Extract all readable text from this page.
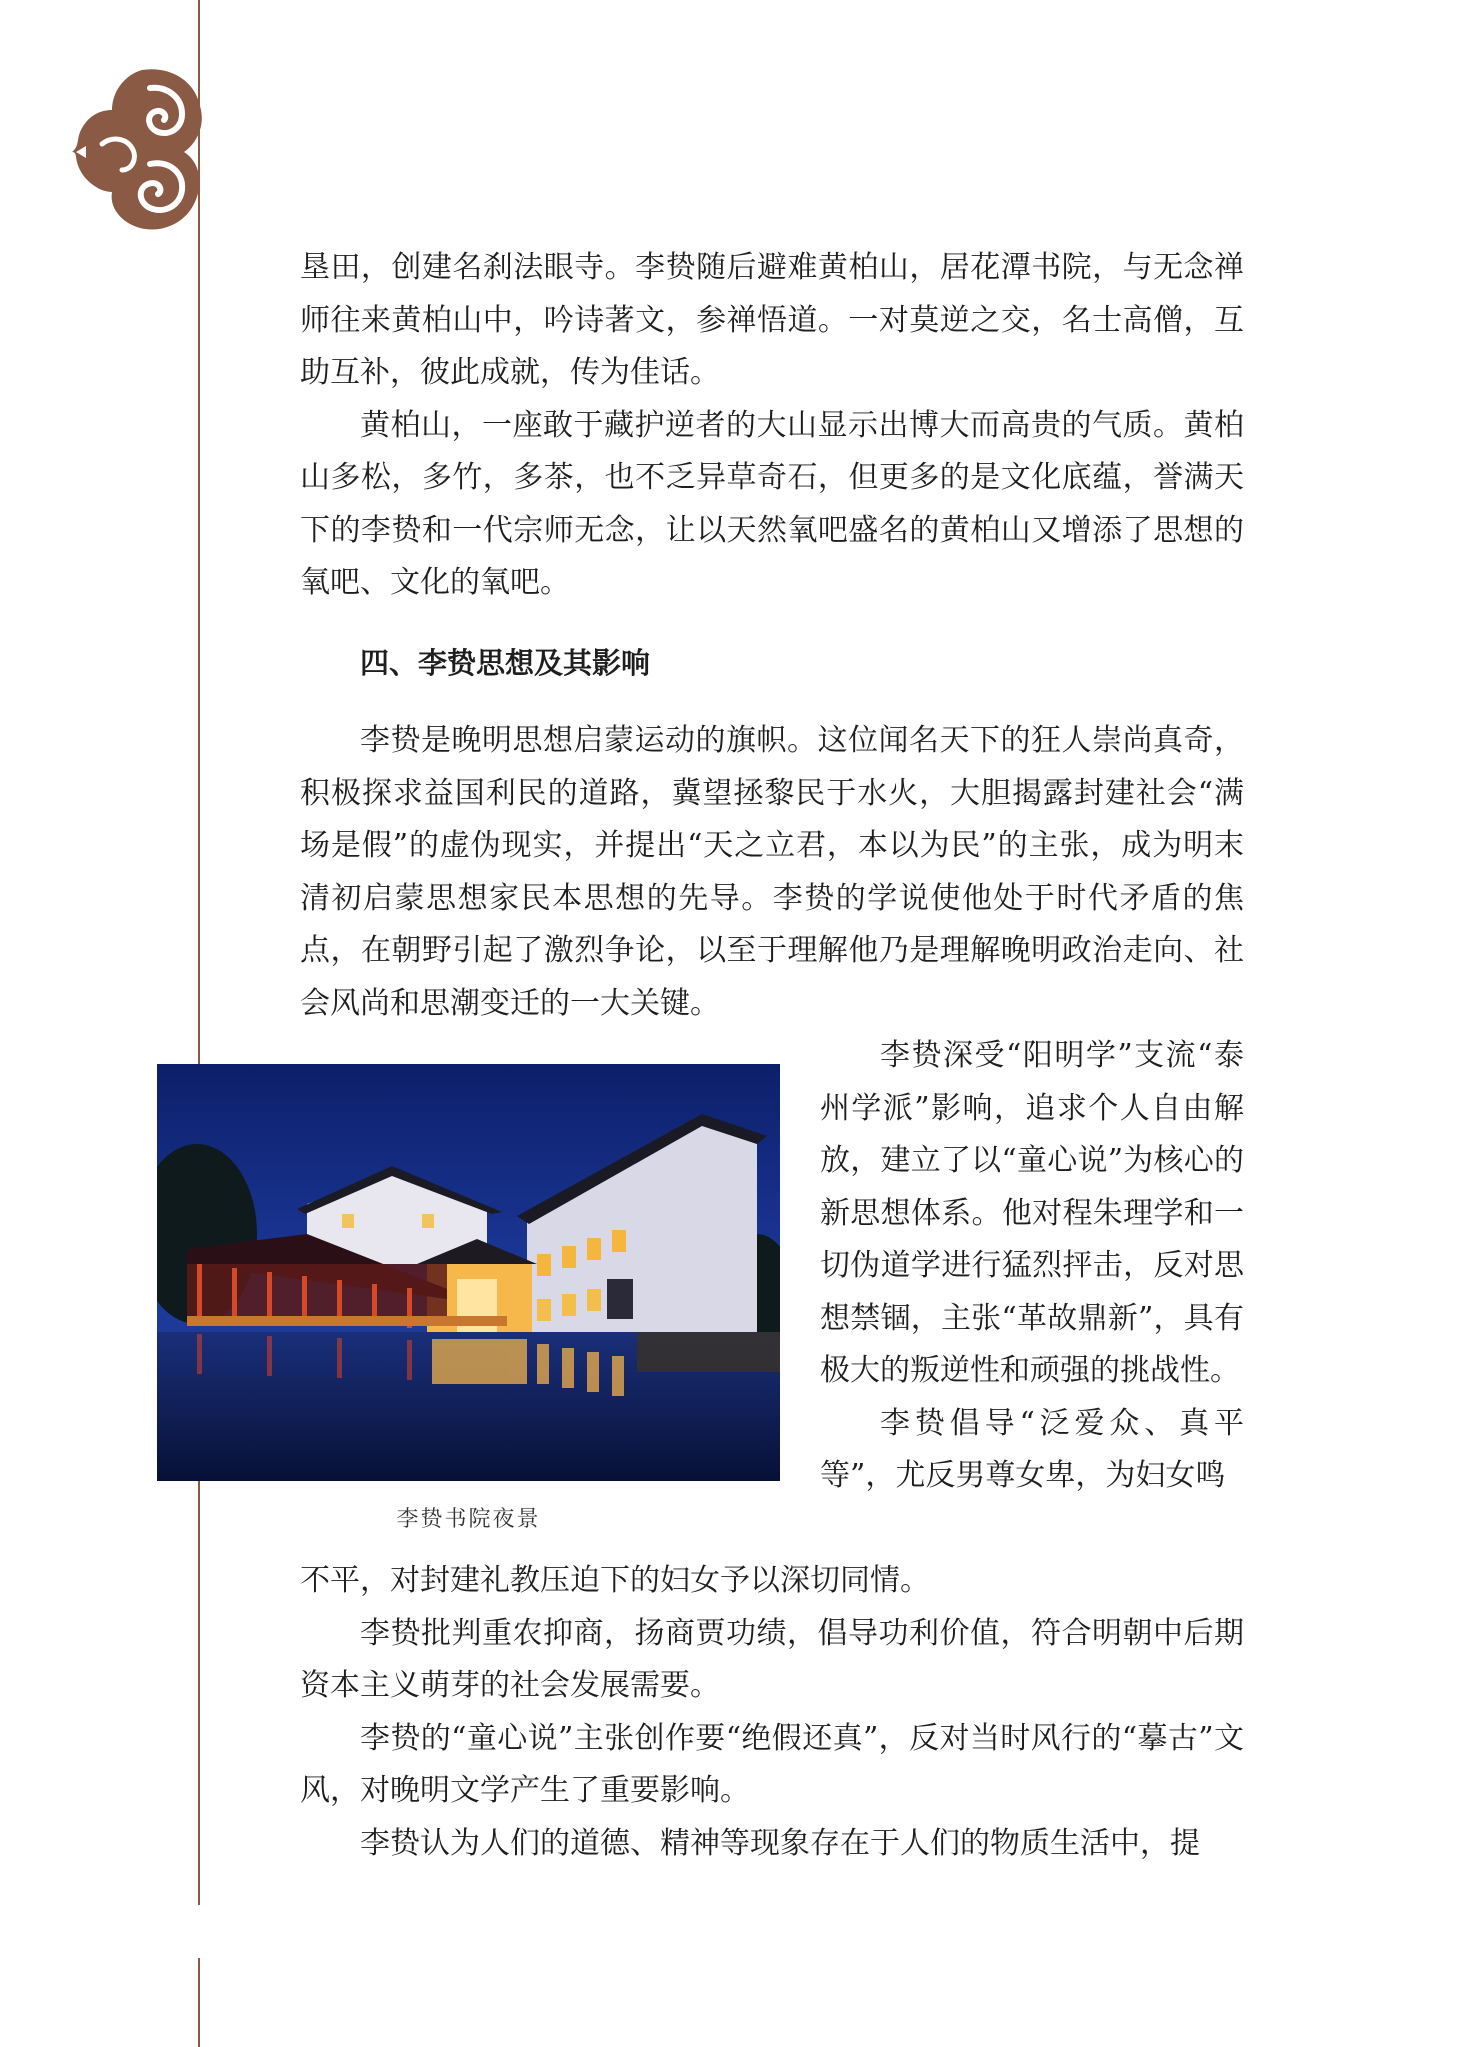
垦田，创建名刹法眼寺。李贽随后避难黄柏山，居花潭书院，与无念禅师往来黄柏山中，吟诗著文，参禅悟道。一对莫逆之交，名士高僧，互助互补，彼此成就，传为佳话。

黄柏山，一座敢于藏护逆者的大山显示出博大而高贵的气质。黄柏山多松，多竹，多茶，也不乏异草奇石，但更多的是文化底蕴，誉满天下的李贽和一代宗师无念，让以天然氧吧盛名的黄柏山又增添了思想的氧吧、文化的氧吧。

四、李贽思想及其影响

李贽是晚明思想启蒙运动的旗帜。这位闻名天下的狂人崇尚真奇，积极探求益国利民的道路，冀望拯黎民于水火，大胆揭露封建社会“满场是假”的虚伪现实，并提出“天之立君，本以为民”的主张，成为明末清初启蒙思想家民本思想的先导。李贽的学说使他处于时代矛盾的焦点，在朝野引起了激烈争论，以至于理解他乃是理解晚明政治走向、社会风尚和思潮变迁的一大关键。

李贽书院夜景

李贽深受“阳明学”支流“泰州学派”影响，追求个人自由解放，建立了以“童心说”为核心的新思想体系。他对程朱理学和一切伪道学进行猛烈抨击，反对思想禁锢，主张“革故鼎新”，具有极大的叛逆性和顽强的挑战性。

李贽倡导“泛爱众、真平等”，尤反男尊女卑，为妇女鸣

不平，对封建礼教压迫下的妇女予以深切同情。

李贽批判重农抑商，扬商贾功绩，倡导功利价值，符合明朝中后期资本主义萌芽的社会发展需要。

李贽的“童心说”主张创作要“绝假还真”，反对当时风行的“摹古”文风，对晚明文学产生了重要影响。

李贽认为人们的道德、精神等现象存在于人们的物质生活中，提
